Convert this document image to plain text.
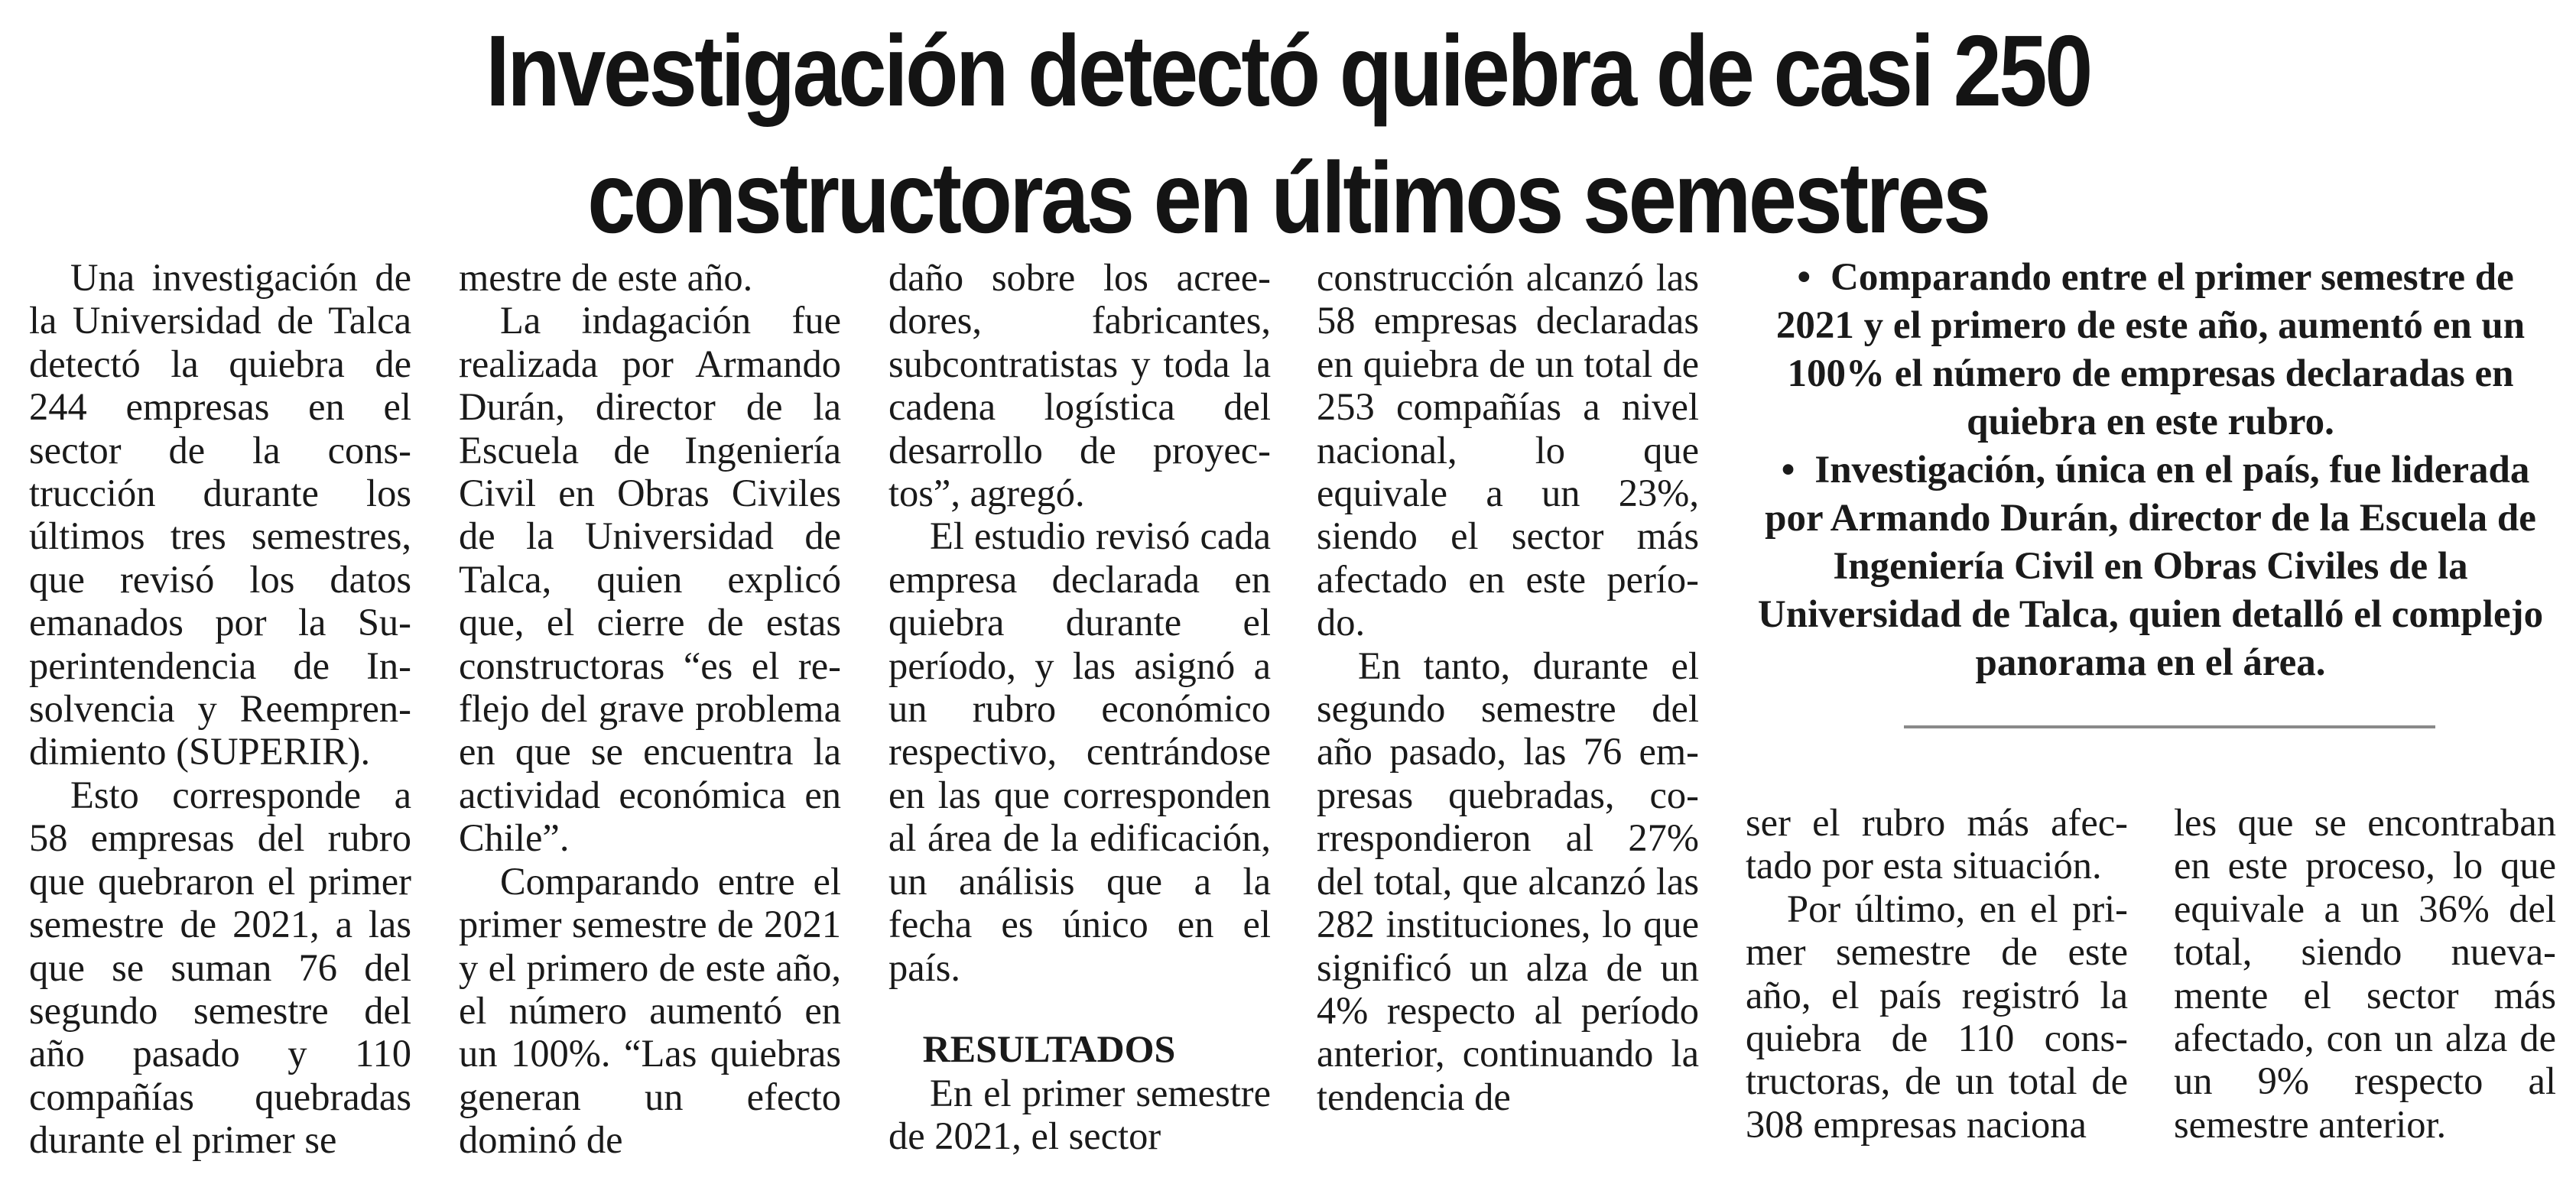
Investigación detectó quiebra de casi 250
constructoras en últimos semestres

Una investigación de la Universidad de Talca detectó la quiebra de 244 empresas en el sector de la construcción durante los últimos tres semestres, que revisó los datos emanados por la Superintendencia de Insolvencia y Reemprendimiento (SUPERIR).

Esto corresponde a 58 empresas del rubro que quebraron el primer semestre de 2021, a las que se suman 76 del segundo semestre del año pasado y 110 compañías quebradas durante el primer se

mestre de este año.

La indagación fue realizada por Armando Durán, director de la Escuela de Ingeniería Civil en Obras Civiles de la Universidad de Talca, quien explicó que, el cierre de estas constructoras “es el reflejo del grave problema en que se encuentra la actividad económica en Chile”.

Comparando entre el primer semestre de 2021 y el primero de este año, el número aumentó en un 100%. “Las quiebras generan un efecto dominó de

daño sobre los acreedores, fabricantes, subcontratistas y toda la cadena logística del desarrollo de proyectos”, agregó.

El estudio revisó cada empresa declarada en quiebra durante el período, y las asignó a un rubro económico respectivo, centrándose en las que corresponden al área de la edificación, un análisis que a la fecha es único en el país.

RESULTADOS

En el primer semestre de 2021, el sector

construcción alcanzó las 58 empresas declaradas en quiebra de un total de 253 compañías a nivel nacional, lo que equivale a un 23%, siendo el sector más afectado en este período.

En tanto, durante el segundo semestre del año pasado, las 76 empresas quebradas, correspondieron al 27% del total, que alcanzó las 282 instituciones, lo que significó un alza de un 4% respecto al período anterior, continuando la tendencia de

• Comparando entre el primer semestre de 2021 y el primero de este año, aumentó en un 100% el número de empresas declaradas en quiebra en este rubro.

• Investigación, única en el país, fue liderada por Armando Durán, director de la Escuela de Ingeniería Civil en Obras Civiles de la Universidad de Talca, quien detalló el complejo panorama en el área.

ser el rubro más afectado por esta situación.

Por último, en el primer semestre de este año, el país registró la quiebra de 110 constructoras, de un total de 308 empresas naciona

les que se encontraban en este proceso, lo que equivale a un 36% del total, siendo nuevamente el sector más afectado, con un alza de un 9% respecto al semestre anterior.
